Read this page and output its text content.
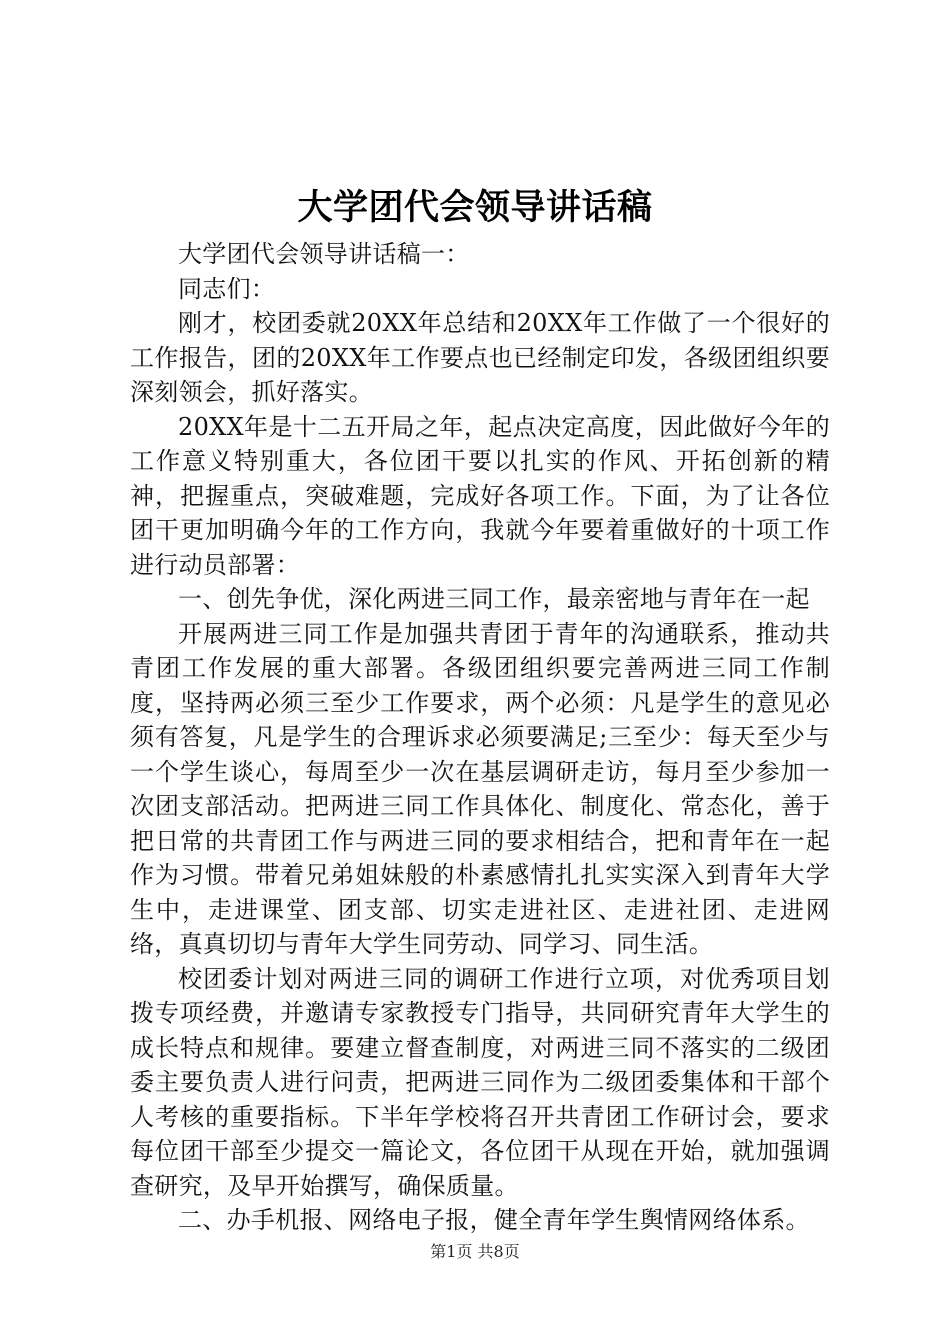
大学团代会领导讲话稿

大学团代会领导讲话稿一：

同志们：

刚才，校团委就20XX年总结和20XX年工作做了一个很好的工作报告，团的20XX年工作要点也已经制定印发，各级团组织要深刻领会，抓好落实。

20XX年是十二五开局之年，起点决定高度，因此做好今年的工作意义特别重大，各位团干要以扎实的作风、开拓创新的精神，把握重点，突破难题，完成好各项工作。下面，为了让各位团干更加明确今年的工作方向，我就今年要着重做好的十项工作进行动员部署：

一、创先争优，深化两进三同工作，最亲密地与青年在一起

开展两进三同工作是加强共青团于青年的沟通联系，推动共青团工作发展的重大部署。各级团组织要完善两进三同工作制度，坚持两必须三至少工作要求，两个必须：凡是学生的意见必须有答复，凡是学生的合理诉求必须要满足;三至少：每天至少与一个学生谈心，每周至少一次在基层调研走访，每月至少参加一次团支部活动。把两进三同工作具体化、制度化、常态化，善于把日常的共青团工作与两进三同的要求相结合，把和青年在一起作为习惯。带着兄弟姐妹般的朴素感情扎扎实实深入到青年大学生中，走进课堂、团支部、切实走进社区、走进社团、走进网络，真真切切与青年大学生同劳动、同学习、同生活。

校团委计划对两进三同的调研工作进行立项，对优秀项目划拨专项经费，并邀请专家教授专门指导，共同研究青年大学生的成长特点和规律。要建立督查制度，对两进三同不落实的二级团委主要负责人进行问责，把两进三同作为二级团委集体和干部个人考核的重要指标。下半年学校将召开共青团工作研讨会，要求每位团干部至少提交一篇论文，各位团干从现在开始，就加强调查研究，及早开始撰写，确保质量。

二、办手机报、网络电子报，健全青年学生舆情网络体系。

第1页 共8页
